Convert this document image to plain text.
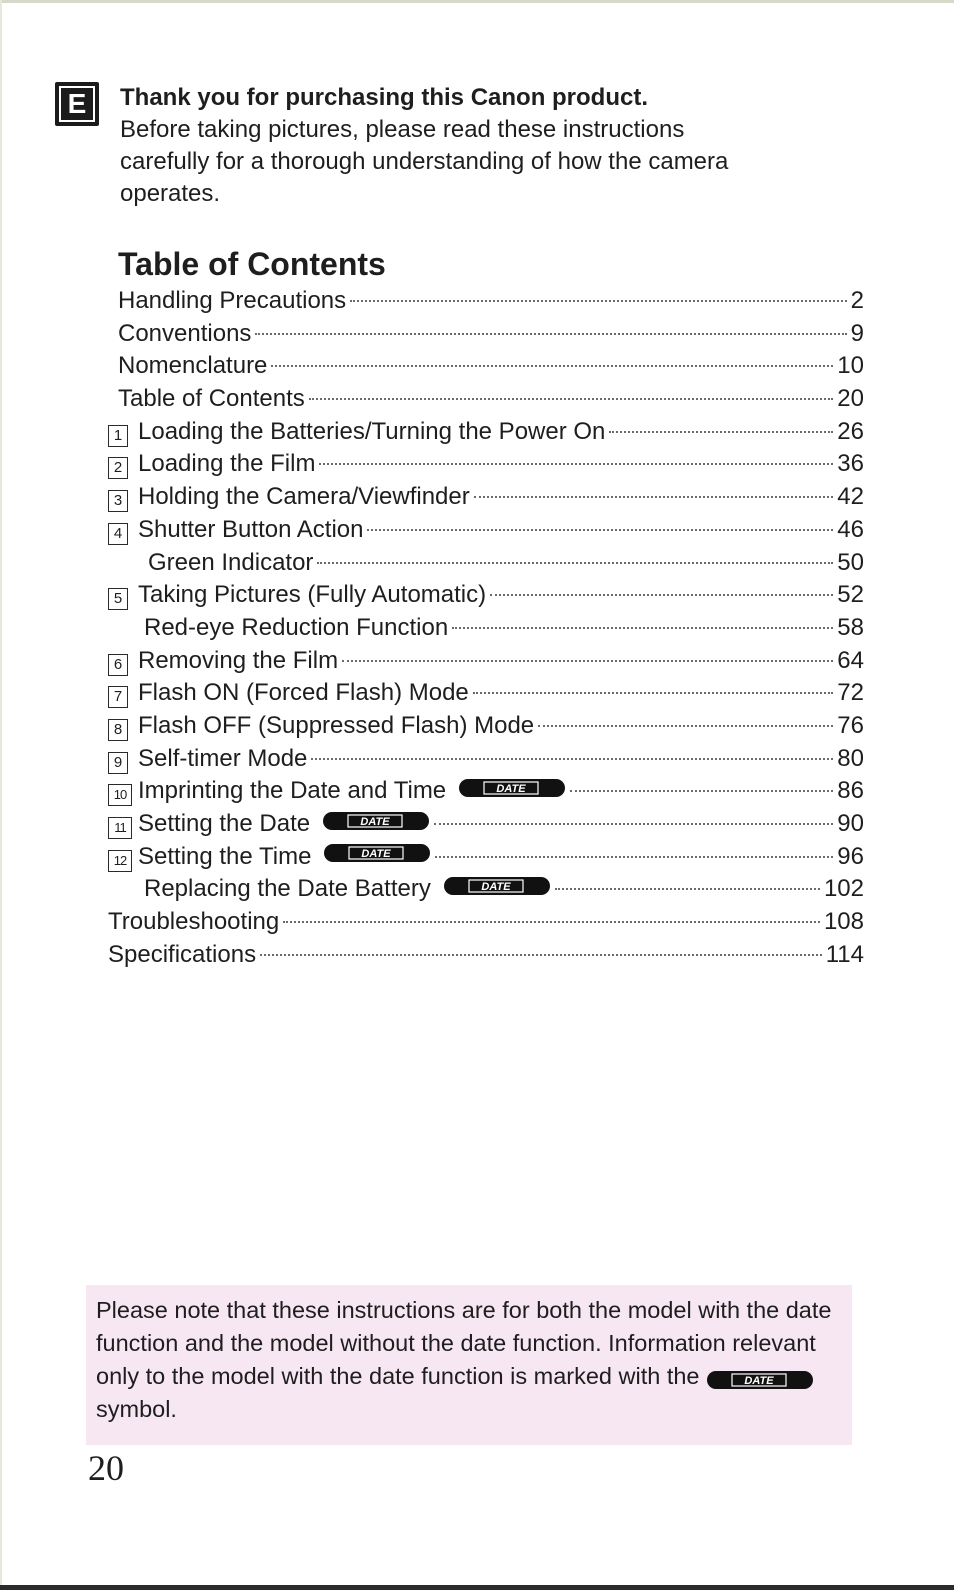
E	Thank you for purchasing this Canon product.

Before taking pictures, please read these instructions
carefully for a thorough understanding of how the camera
operates.

Table of Contents
Handling Precautions	2
Conventions	9
Nomenclature	10
Table of Contents	20
1 Loading the Batteries/Turning the Power On	26
2 Loading the Film	36
3 Holding the Camera/Viewfinder	42
4 Shutter Button Action	46
Green Indicator	50
5 Taking Pictures (Fully Automatic)	52
Red-eye Reduction Function	58
6 Removing the Film	64
7 Flash ON (Forced Flash) Mode	72
8 Flash OFF (Suppressed Flash) Mode	76
9 Self-timer Mode	80
10 Imprinting the Date and Time	DATE	86
11 Setting the Date	DATE	90
12 Setting the Time	DATE	96
Replacing the Date Battery	DATE	102
Troubleshooting	108
Specifications	114

Please note that these instructions are for both the model with the date function and the model without the date function. Information relevant only to the model with the date function is marked with the	DATE
symbol.

20
